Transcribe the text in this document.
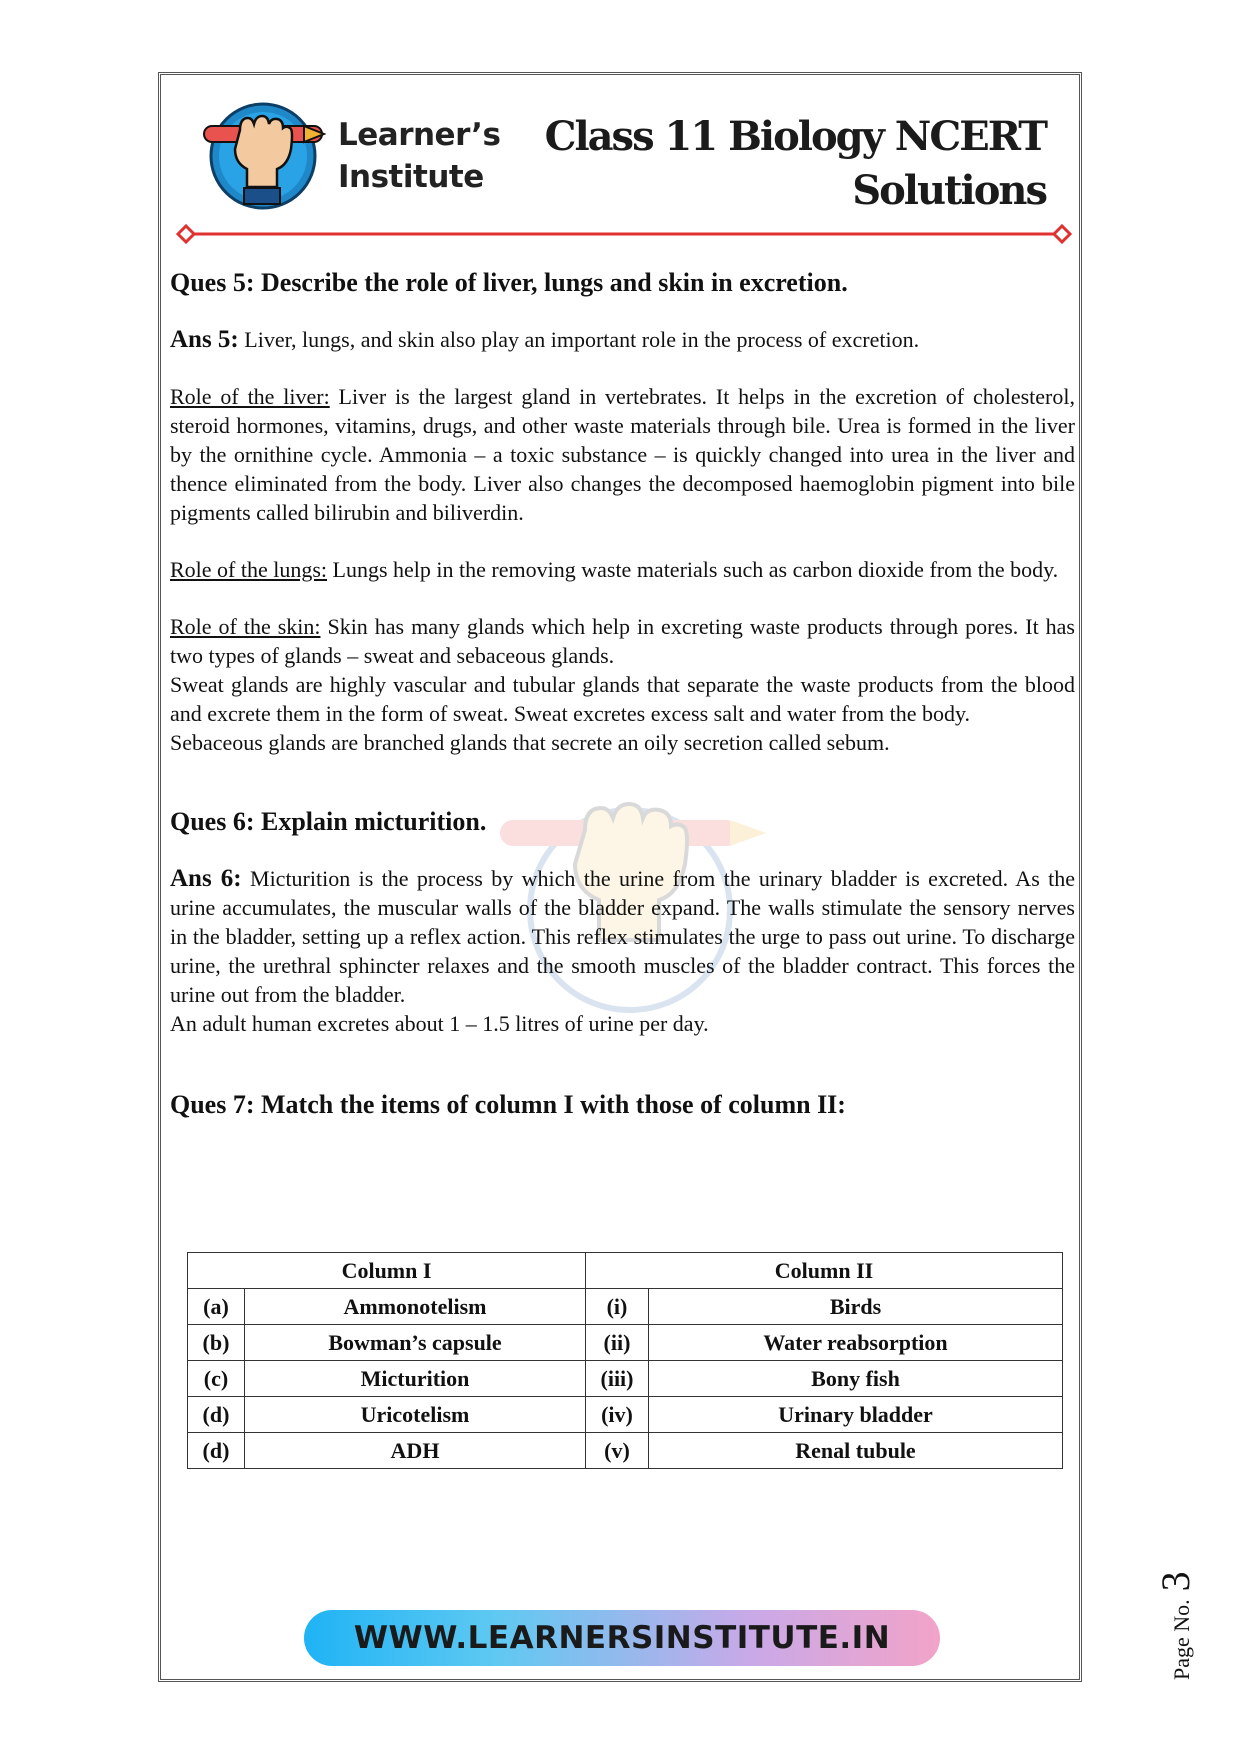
Learner’s
Institute
Class 11 Biology NCERT
Solutions

Ques 5: Describe the role of liver, lungs and skin in excretion.

Ans 5: Liver, lungs, and skin also play an important role in the process of excretion.

Role of the liver: Liver is the largest gland in vertebrates. It helps in the excretion of cholesterol, steroid hormones, vitamins, drugs, and other waste materials through bile. Urea is formed in the liver by the ornithine cycle. Ammonia – a toxic substance – is quickly changed into urea in the liver and thence eliminated from the body. Liver also changes the decomposed haemoglobin pigment into bile pigments called bilirubin and biliverdin.

Role of the lungs: Lungs help in the removing waste materials such as carbon dioxide from the body.

Role of the skin: Skin has many glands which help in excreting waste products through pores. It has two types of glands – sweat and sebaceous glands.

Sweat glands are highly vascular and tubular glands that separate the waste products from the blood and excrete them in the form of sweat. Sweat excretes excess salt and water from the body.

Sebaceous glands are branched glands that secrete an oily secretion called sebum.

Ques 6: Explain micturition.

Ans 6: Micturition is the process by which the urine from the urinary bladder is excreted. As the urine accumulates, the muscular walls of the bladder expand. The walls stimulate the sensory nerves in the bladder, setting up a reflex action. This reflex stimulates the urge to pass out urine. To discharge urine, the urethral sphincter relaxes and the smooth muscles of the bladder contract. This forces the urine out from the bladder.

An adult human excretes about 1 – 1.5 litres of urine per day.

Ques 7: Match the items of column I with those of column II:

Column I		Column II	
(a)	Ammonotelism	(i)	Birds
(b)	Bowman’s capsule	(ii)	Water reabsorption
(c)	Micturition	(iii)	Bony fish
(d)	Uricotelism	(iv)	Urinary bladder
(d)	ADH	(v)	Renal tubule
WWW.LEARNERSINSTITUTE.IN	Page No.3
